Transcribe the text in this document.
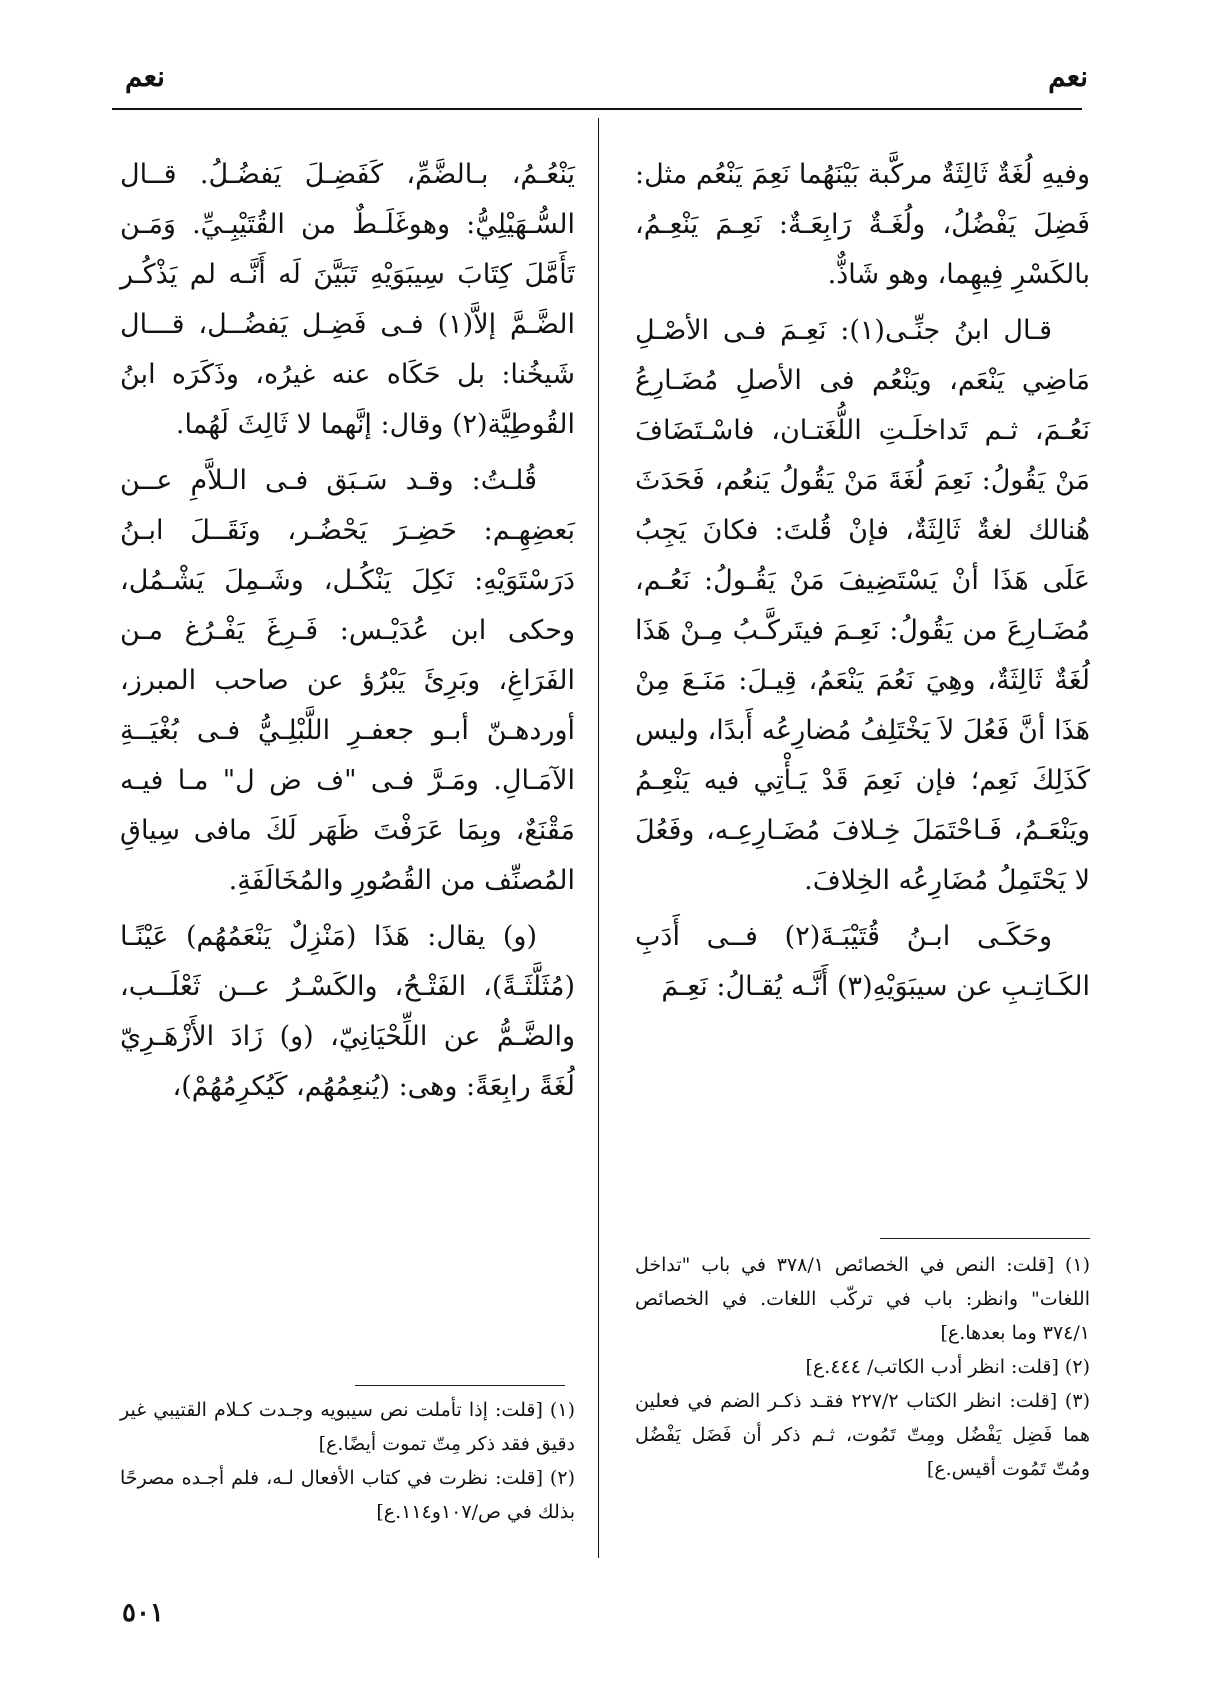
نعم
نعم

وفيهِ لُغَةٌ ثَالِثَةٌ مركَّبة بَيْنَهُما نَعِمَ يَنْعُم مثل: فَضِلَ يَفْضُلُ، ولُغَـةٌ رَابِعَـةٌ: نَعِـمَ يَنْعِـمُ، بالكَسْرِ فِيهِما، وهو شَاذٌّ.

قـال ابنُ جنِّـى(١): نَعِـمَ فـى الأصْـلِ مَاضِي يَنْعَم، ويَنْعُم فى الأصلِ مُضَـارِعُ نَعُـمَ، ثـم تَداخلَـتِ اللُّغَتـان، فاسْـتَضَافَ مَنْ يَقُولُ: نَعِمَ لُغَةَ مَنْ يَقُولُ يَنعُم، فَحَدَثَ هُنالك لغةٌ ثَالِثَةٌ، فإنْ قُلتَ: فكانَ يَجِبُ عَلَى هَذَا أنْ يَسْتَضِيفَ مَنْ يَقُـولُ: نَعُـم، مُضَـارِعَ من يَقُولُ: نَعِـمَ فيتَركَّـبُ مِـنْ هَذَا لُغَةٌ ثَالِثَةٌ، وهِيَ نَعُمَ يَنْعَمُ، قِيـلَ: مَنَـعَ مِنْ هَذَا أنَّ فَعُلَ لاَ يَخْتَلِفُ مُضارِعُه أَبدًا، وليس كَذَلِكَ نَعِم؛ فإن نَعِمَ قَدْ يَـأْتِي فيه يَنْعِـمُ ويَنْعَـمُ، فَـاحْتَمَلَ خِـلافَ مُضَـارِعِـه، وفَعُلَ لا يَحْتَمِلُ مُضَارِعُه الخِلافَ.

وحَكَـى ابـنُ قُتَيْبَـةَ(٢) فــى أَدَبِ الكَـاتِـبِ عن سيبَوَيْهِ(٣) أَنَّـه يُقـالُ: نَعِـمَ

يَنْعُـمُ، بـالضَّمِّ، كَفَضِـلَ يَفضُـلُ. قــال السُّـهَيْلِيُّ: وهوغَلَـطٌ من القُتَيْبِـيِّ. وَمَـن تَأَمَّلَ كِتَابَ سِيبَوَيْهِ تَبَيَّنَ لَه أَنَّـه لم يَذْكُـر الضَّـمَّ إلاَّ(١) فـى فَضِـل يَفضُــل، قـــال شَيخُنا: بل حَكَاه عنه غيرُه، وذَكَرَه ابنُ القُوطِيَّة(٢) وقال: إنَّهما لا ثَالِثَ لَهُما.

قُلـتُ: وقـد سَـبَق فـى الـلاَّمِ عــن بَعضِهِـم: حَضِـرَ يَحْضُـر، ونَقَــلَ ابـنُ دَرَسْتَوَيْهِ: نَكِلَ يَنْكُـل، وشَـمِلَ يَشْـمُل، وحكى ابن عُدَيْـس: فَـرِغَ يَفْـرُغ مـن الفَرَاغِ، وبَرِئَ يَبْرُؤ عن صاحب المبرز، أوردهـنّ أبـو جعفـرِ اللَّبْلِـيُّ فـى بُغْيَــةِ الآمَـالِ. ومَـرَّ فـى "ف ض ل" مـا فيـه مَقْنَعٌ، وبِمَا عَرَفْتَ ظَهَر لَكَ مافى سِياقِ المُصنِّف من القُصُورِ والمُخَالَفَةِ.

(و) يقال: هَذَا (مَنْزِلٌ يَنْعَمُهُم) عَيْنًـا (مُثَلَّثَـةً)، الفَتْـحُ، والكَسْـرُ عــن ثَعْلَــب، والضَّـمُّ عن اللِّحْيَانِيّ، (و) زَادَ الأَزْهَـرِيّ لُغَةً رابِعَةً: وهى: (يُنعِمُهُم، كَيُكرِمُهُمْ)،

(١) [قلت: النص في الخصائص ٣٧٨/١ في باب "تداخل اللغات" وانظر: باب في تركّب اللغات. في الخصائص ٣٧٤/١ وما بعدها.ع]

(٢) [قلت: انظر أدب الكاتب/ ٤٤٤.ع]

(٣) [قلت: انظر الكتاب ٢٢٧/٢ فقـد ذكـر الضم في فعلين هما فَضِل يَفْضُل ومِتّ تَمُوت، ثـم ذكر أن فَضَل يَفْضُل ومُتّ تَمُوت أقيس.ع]

(١) [قلت: إذا تأملت نص سيبويه وجـدت كـلام القتيبي غير دقيق فقد ذكر مِتّ تموت أيضًا.ع]

(٢) [قلت: نظرت في كتاب الأفعال لـه، فلم أجـده مصرحًا بذلك في ص/١٠٧و١١٤.ع]

٥٠١
